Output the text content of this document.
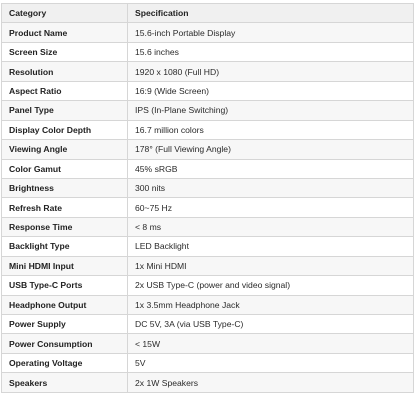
Category	Specification
Product Name	15.6-inch Portable Display
Screen Size	15.6 inches
Resolution	1920 x 1080 (Full HD)
Aspect Ratio	16:9 (Wide Screen)
Panel Type	IPS (In-Plane Switching)
Display Color Depth	16.7 million colors
Viewing Angle	178° (Full Viewing Angle)
Color Gamut	45% sRGB
Brightness	300 nits
Refresh Rate	60~75 Hz
Response Time	< 8 ms
Backlight Type	LED Backlight
Mini HDMI Input	1x Mini HDMI
USB Type-C Ports	2x USB Type-C (power and video signal)
Headphone Output	1x 3.5mm Headphone Jack
Power Supply	DC 5V, 3A (via USB Type-C)
Power Consumption	< 15W
Operating Voltage	5V
Speakers	2x 1W Speakers
